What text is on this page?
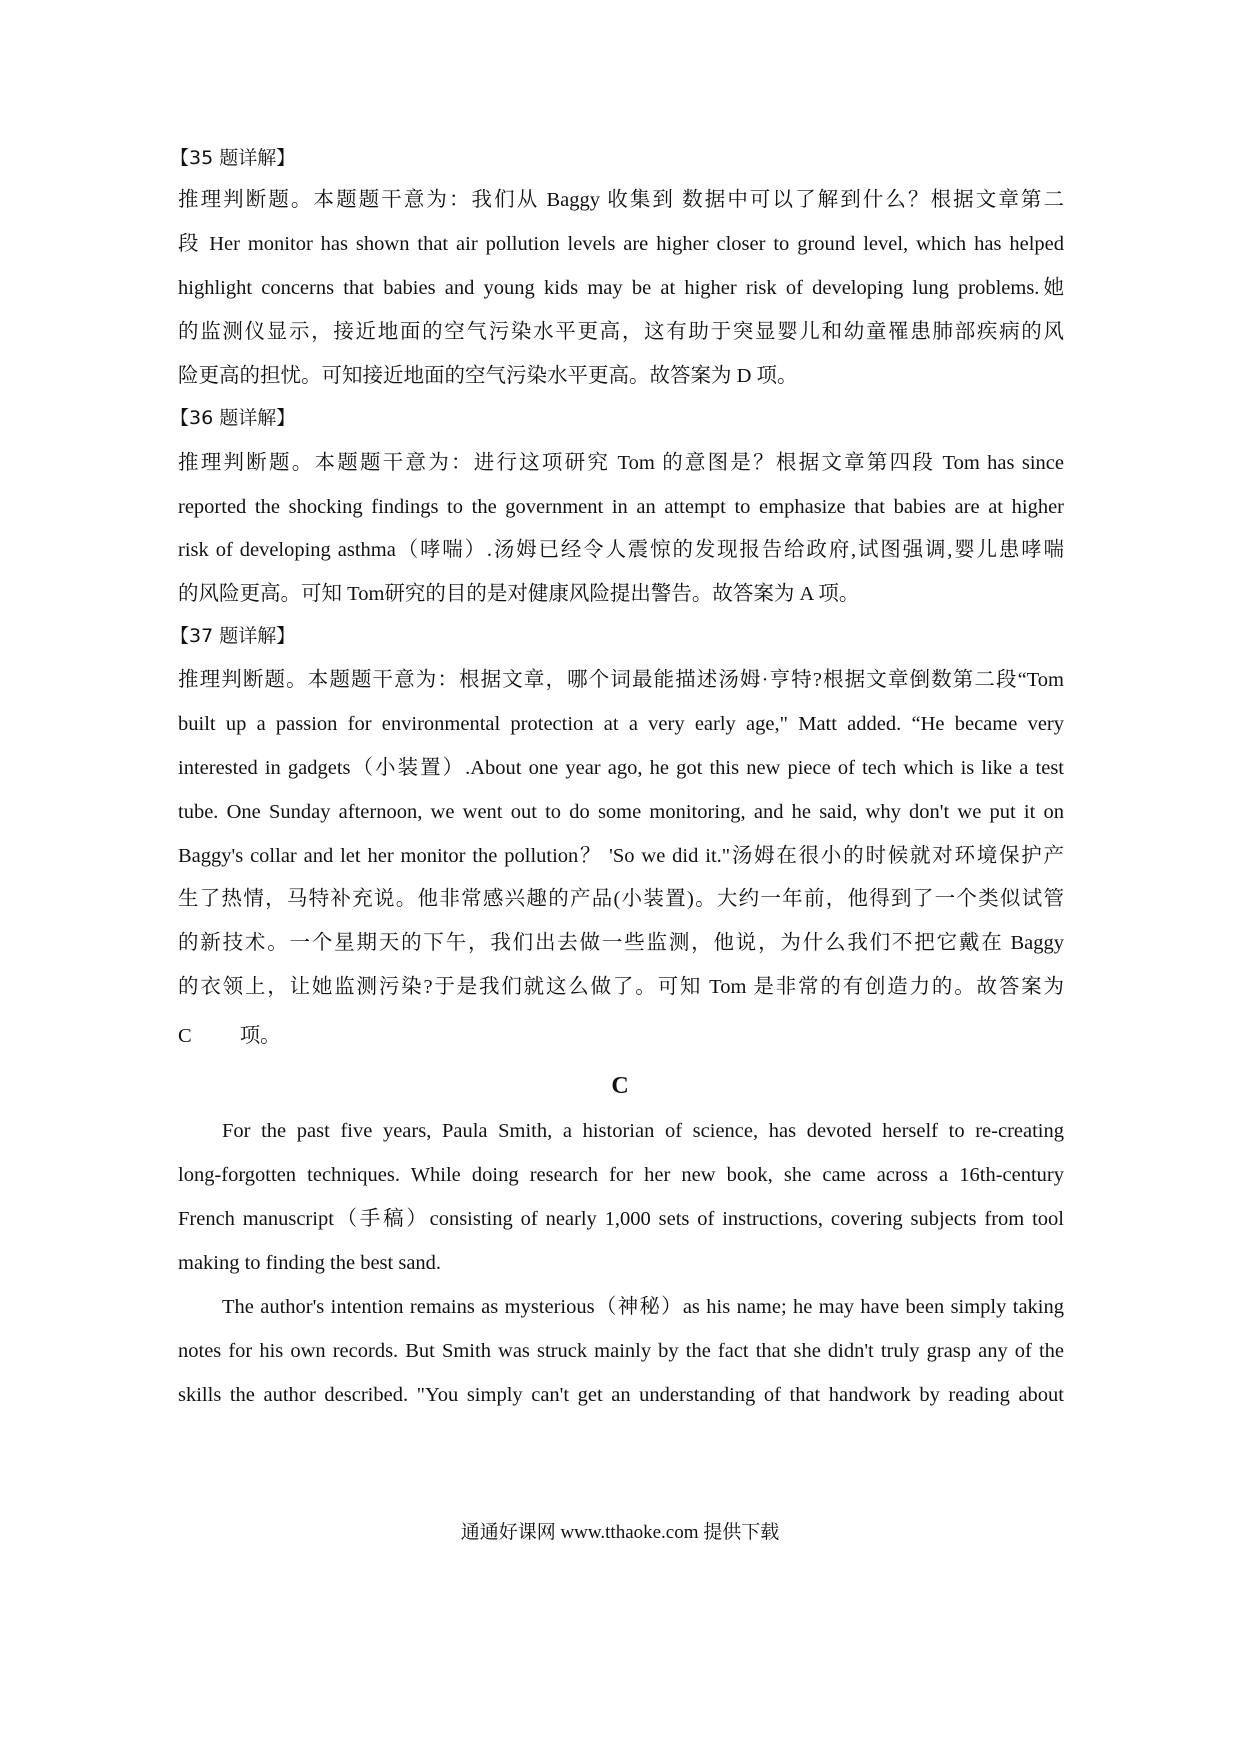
【35 题详解】
推理判断题。本题题干意为：我们从 Baggy 收集到 数据中可以了解到什么？根据文章第二
段 Her monitor has shown that air pollution levels are higher closer to ground level, which has helped
highlight concerns that babies and young kids may be at higher risk of developing lung problems.她
的监测仪显示，接近地面的空气污染水平更高，这有助于突显婴儿和幼童罹患肺部疾病的风
险更高的担忧。可知接近地面的空气污染水平更高。故答案为 D 项。
【36 题详解】
推理判断题。本题题干意为：进行这项研究 Tom 的意图是？根据文章第四段 Tom has since
reported the shocking findings to the government in an attempt to emphasize that babies are at higher
risk of developing asthma（哮喘）.汤姆已经令人震惊的发现报告给政府,试图强调,婴儿患哮喘
的风险更高。可知 Tom研究的目的是对健康风险提出警告。故答案为 A 项。
【37 题详解】
推理判断题。本题题干意为：根据文章，哪个词最能描述汤姆·亨特?根据文章倒数第二段“Tom
built up a passion for environmental protection at a very early age," Matt added. “He became very
interested in gadgets（小装置）.About one year ago, he got this new piece of tech which is like a test
tube. One Sunday afternoon, we went out to do some monitoring, and he said, why don't we put it on
Baggy's collar and let her monitor the pollution？ 'So we did it."汤姆在很小的时候就对环境保护产
生了热情，马特补充说。他非常感兴趣的产品(小装置)。大约一年前，他得到了一个类似试管
的新技术。一个星期天的下午，我们出去做一些监测，他说，为什么我们不把它戴在 Baggy
的衣领上，让她监测污染?于是我们就这么做了。可知 Tom 是非常的有创造力的。故答案为
C 项。
C
For the past five years, Paula Smith, a historian of science, has devoted herself to re-creating
long-forgotten techniques. While doing research for her new book, she came across a 16th-century
French manuscript（手稿）consisting of nearly 1,000 sets of instructions, covering subjects from tool
making to finding the best sand.
The author's intention remains as mysterious（神秘）as his name; he may have been simply taking
notes for his own records. But Smith was struck mainly by the fact that she didn't truly grasp any of the
skills the author described. "You simply can't get an understanding of that handwork by reading about
通通好课网 www.tthaoke.com 提供下载
